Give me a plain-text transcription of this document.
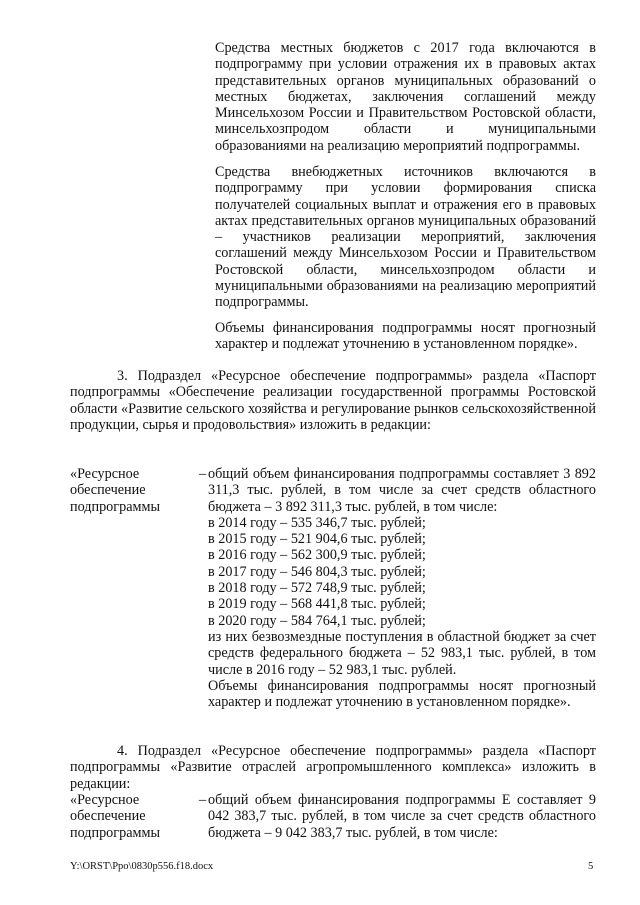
Средства местных бюджетов с 2017 года включаются в подпрограмму при условии отражения их в правовых актах представительных органов муниципальных образований о местных бюджетах, заключения соглашений между Минсельхозом России и Правительством Ростовской области, минсельхозпродом области и муниципальными образованиями на реализацию мероприятий подпрограммы.

Средства внебюджетных источников включаются в подпрограмму при условии формирования списка получателей социальных выплат и отражения его в правовых актах представительных органов муниципальных образований – участников реализации мероприятий, заключения соглашений между Минсельхозом России и Правительством Ростовской области, минсельхозпродом области и муниципальными образованиями на реализацию мероприятий подпрограммы.

Объемы финансирования подпрограммы носят прогнозный характер и подлежат уточнению в установленном порядке».

3. Подраздел «Ресурсное обеспечение подпрограммы» раздела «Паспорт подпрограммы «Обеспечение реализации государственной программы Ростовской области «Развитие сельского хозяйства и регулирование рынков сельскохозяйственной продукции, сырья и продовольствия» изложить в редакции:

«Ресурсное
обеспечение
подпрограммы
– общий объем финансирования подпрограммы составляет 3 892 311,3 тыс. рублей, в том числе за счет средств областного бюджета – 3 892 311,3 тыс. рублей, в том числе:
в 2014 году – 535 346,7 тыс. рублей;
в 2015 году – 521 904,6 тыс. рублей;
в 2016 году – 562 300,9 тыс. рублей;
в 2017 году – 546 804,3 тыс. рублей;
в 2018 году – 572 748,9 тыс. рублей;
в 2019 году – 568 441,8 тыс. рублей;
в 2020 году – 584 764,1 тыс. рублей;
из них безвозмездные поступления в областной бюджет за счет средств федерального бюджета – 52 983,1 тыс. рублей, в том числе в 2016 году – 52 983,1 тыс. рублей.
Объемы финансирования подпрограммы носят прогнозный характер и подлежат уточнению в установленном порядке».

4. Подраздел «Ресурсное обеспечение подпрограммы» раздела «Паспорт подпрограммы «Развитие отраслей агропромышленного комплекса» изложить в редакции:

«Ресурсное
обеспечение
подпрограммы
– общий объем финансирования подпрограммы E составляет 9 042 383,7 тыс. рублей, в том числе за счет средств областного бюджета – 9 042 383,7 тыс. рублей, в том числе:
Y:\ORST\Ppo\0830p556.f18.docx	5
